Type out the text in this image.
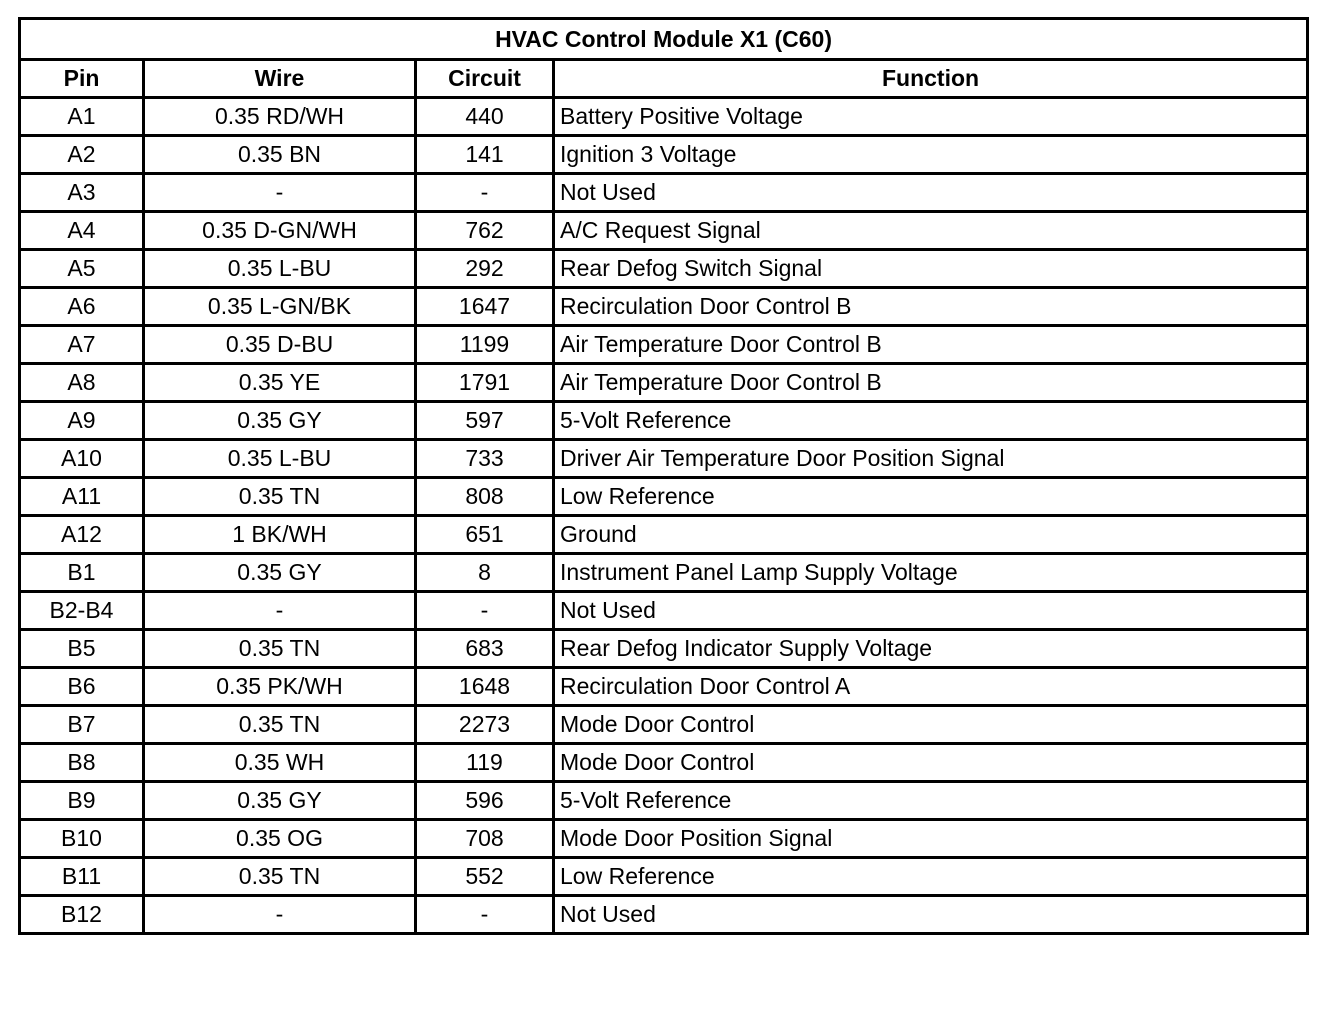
HVAC Control Module X1 (C60)			
Pin	Wire	Circuit	Function
A1	0.35 RD/WH	440	Battery Positive Voltage
A2	0.35 BN	141	Ignition 3 Voltage
A3	-	-	Not Used
A4	0.35 D-GN/WH	762	A/C Request Signal
A5	0.35 L-BU	292	Rear Defog Switch Signal
A6	0.35 L-GN/BK	1647	Recirculation Door Control B
A7	0.35 D-BU	1199	Air Temperature Door Control B
A8	0.35 YE	1791	Air Temperature Door Control B
A9	0.35 GY	597	5-Volt Reference
A10	0.35 L-BU	733	Driver Air Temperature Door Position Signal
A11	0.35 TN	808	Low Reference
A12	1 BK/WH	651	Ground
B1	0.35 GY	8	Instrument Panel Lamp Supply Voltage
B2-B4	-	-	Not Used
B5	0.35 TN	683	Rear Defog Indicator Supply Voltage
B6	0.35 PK/WH	1648	Recirculation Door Control A
B7	0.35 TN	2273	Mode Door Control
B8	0.35 WH	119	Mode Door Control
B9	0.35 GY	596	5-Volt Reference
B10	0.35 OG	708	Mode Door Position Signal
B11	0.35 TN	552	Low Reference
B12	-	-	Not Used
